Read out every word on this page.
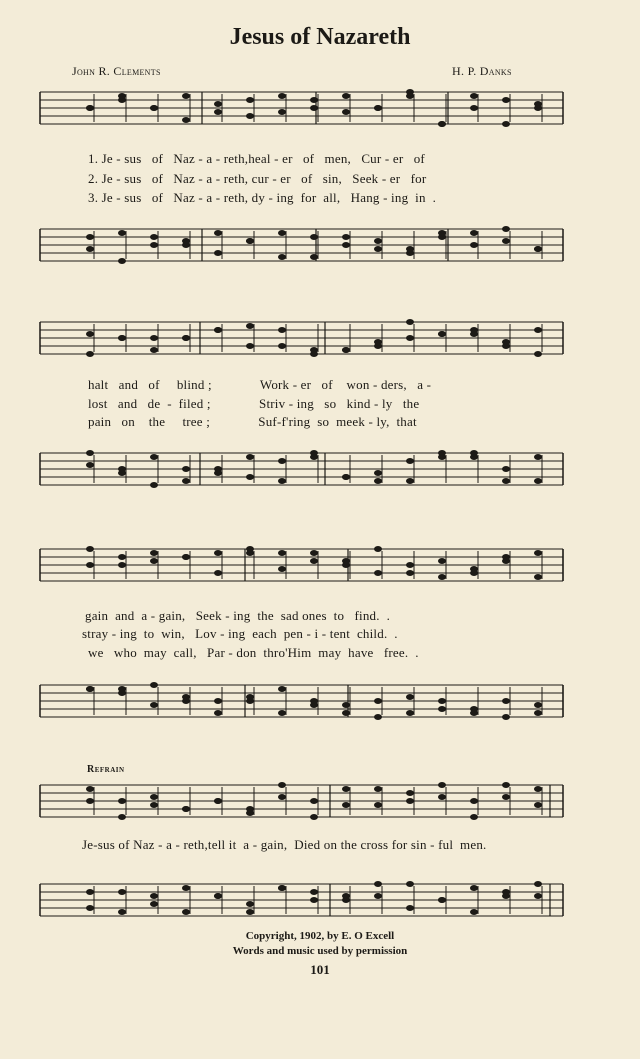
Jesus of Nazareth
John R. Clements	H. P. Danks
1. Je - sus   of   Naz - a - reth,heal - er   of   men,   Cur - er   of
2. Je - sus   of   Naz - a - reth, cur - er   of   sin,   Seek - er   for
3. Je - sus   of   Naz - a - reth, dy - ing  for  all,   Hang - ing  in  .
halt   and   of     blind ;              Work - er   of    won - ders,   a -
lost   and   de  -  filed ;              Striv - ing   so   kind - ly   the
pain   on    the     tree ;              Suf-f'ring  so  meek - ly,  that
gain  and  a - gain,   Seek - ing  the  sad ones  to   find.  .
stray - ing  to  win,   Lov - ing  each  pen - i - tent  child.  .
we   who  may  call,   Par - don  thro'Him  may  have   free.  .
Refrain
Je-sus of Naz - a - reth,tell it  a - gain,  Died on the cross for sin - ful  men.
Copyright, 1902, by E. O Excell
Words and music used by permission
101
